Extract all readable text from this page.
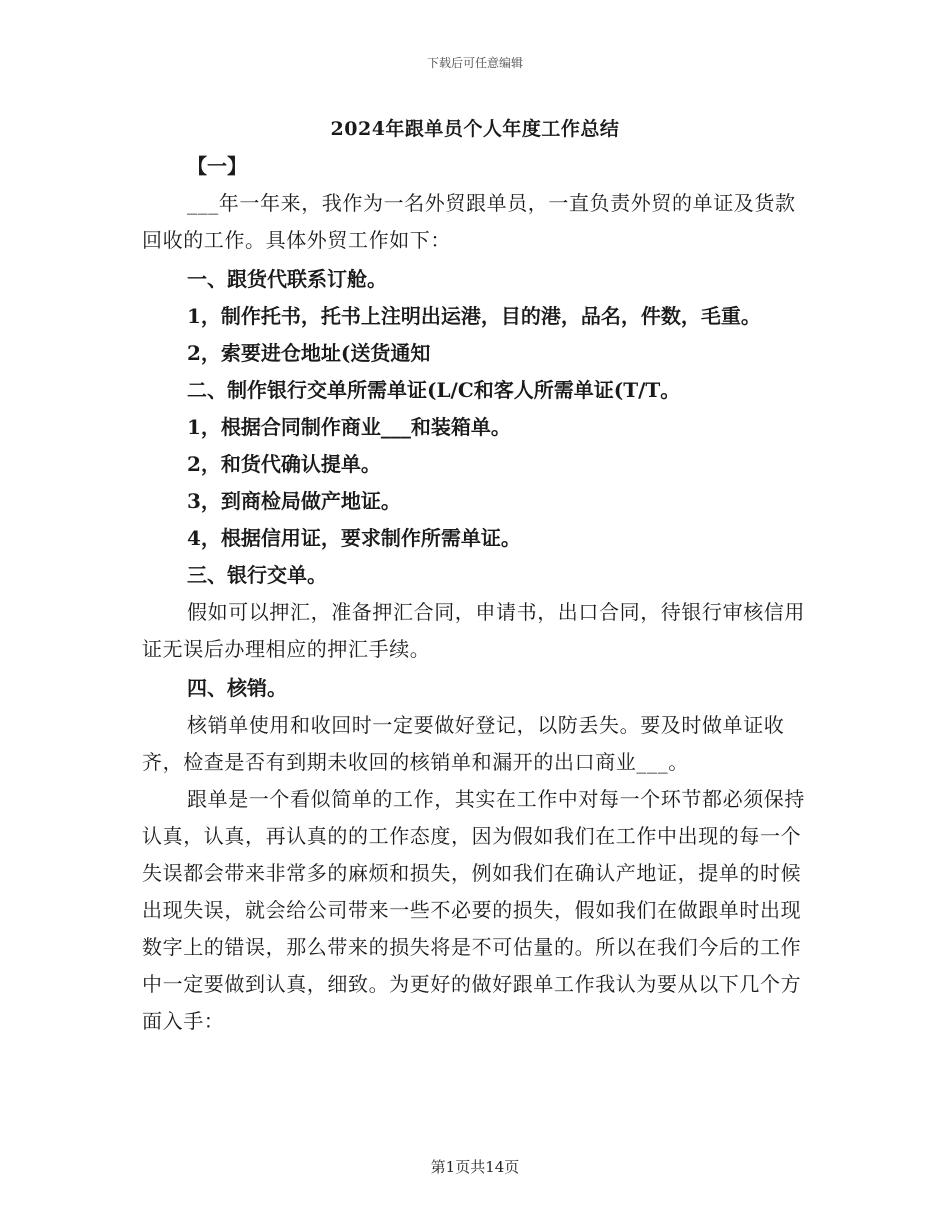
下载后可任意编辑
2024年跟单员个人年度工作总结
【一】
___年一年来，我作为一名外贸跟单员，一直负责外贸的单证及货款回收的工作。具体外贸工作如下：
一、跟货代联系订舱。
1，制作托书，托书上注明出运港，目的港，品名，件数，毛重。
2，索要进仓地址(送货通知
二、制作银行交单所需单证(L/C和客人所需单证(T/T。
1，根据合同制作商业___和装箱单。
2，和货代确认提单。
3，到商检局做产地证。
4，根据信用证，要求制作所需单证。
三、银行交单。
假如可以押汇，准备押汇合同，申请书，出口合同，待银行审核信用证无误后办理相应的押汇手续。
四、核销。
核销单使用和收回时一定要做好登记，以防丢失。要及时做单证收齐，检查是否有到期未收回的核销单和漏开的出口商业___。
跟单是一个看似简单的工作，其实在工作中对每一个环节都必须保持认真，认真，再认真的的工作态度，因为假如我们在工作中出现的每一个失误都会带来非常多的麻烦和损失，例如我们在确认产地证，提单的时候出现失误，就会给公司带来一些不必要的损失，假如我们在做跟单时出现数字上的错误，那么带来的损失将是不可估量的。所以在我们今后的工作中一定要做到认真，细致。为更好的做好跟单工作我认为要从以下几个方面入手：
第1页共14页
